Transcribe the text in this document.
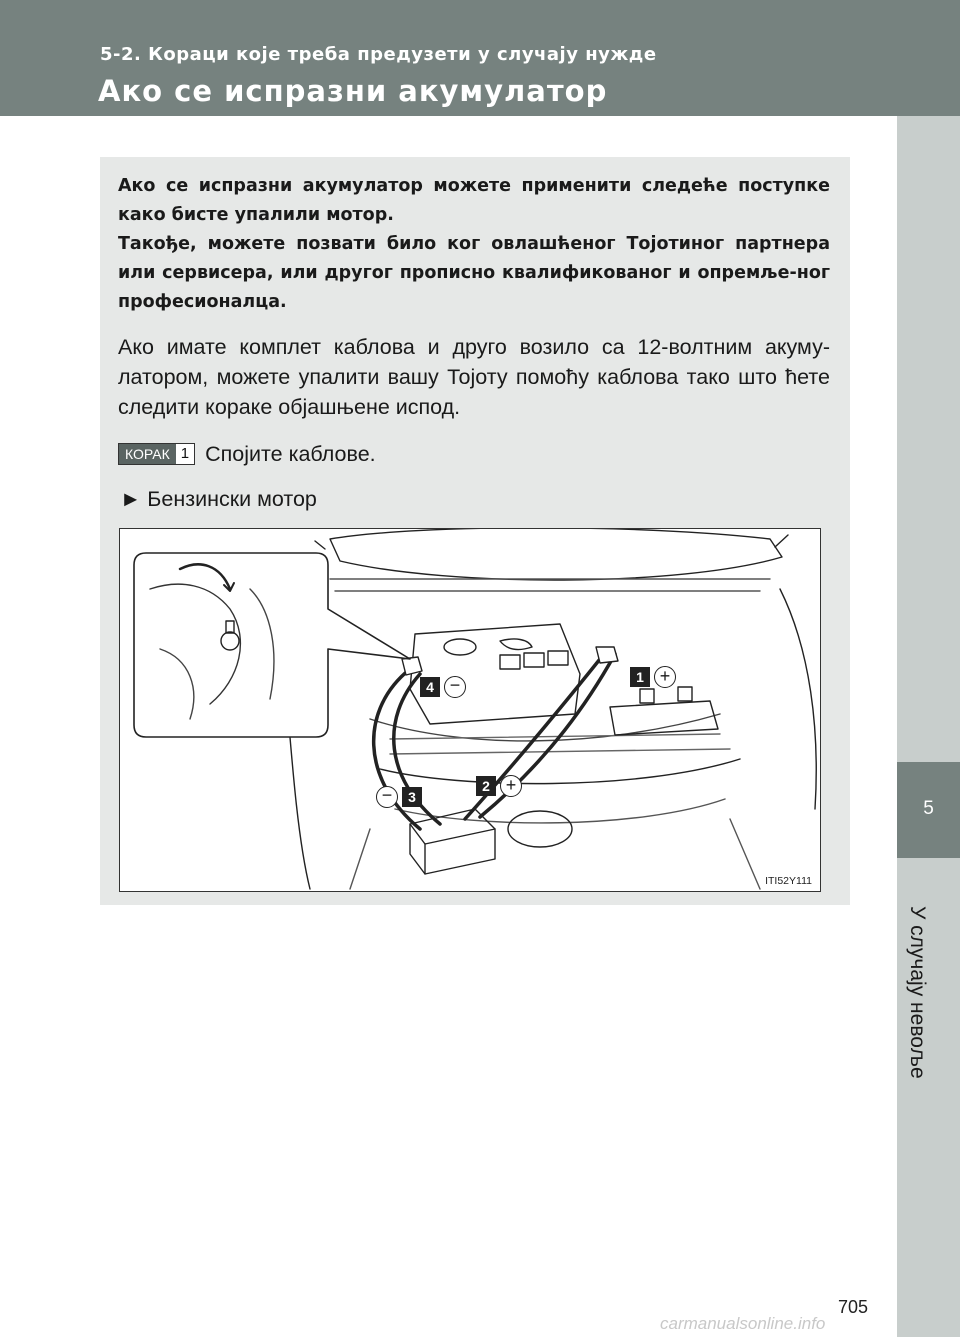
5-2. Кораци које треба предузети у случају нужде
Ако се испразни акумулатор
5
У случају невоље

Ако се испразни акумулатор можете применити следеће поступке како бисте упалили мотор.

Такође, можете позвати било ког овлашћеног Тојотиног партнера или сервисера, или другог прописно квалификованог и опремље-ног професионалца.

Ако имате комплет каблова и друго возило са 12-волтним акуму-латором, можете упалити вашу Тојоту помоћу каблова тако што ћете следити кораке објашњене испод.
КОРАК 1 Спојите каблове.
► Бензински мотор
1 +
2 +
−	3
4 −
ITI52Y111
705
carmanualsonline.info
